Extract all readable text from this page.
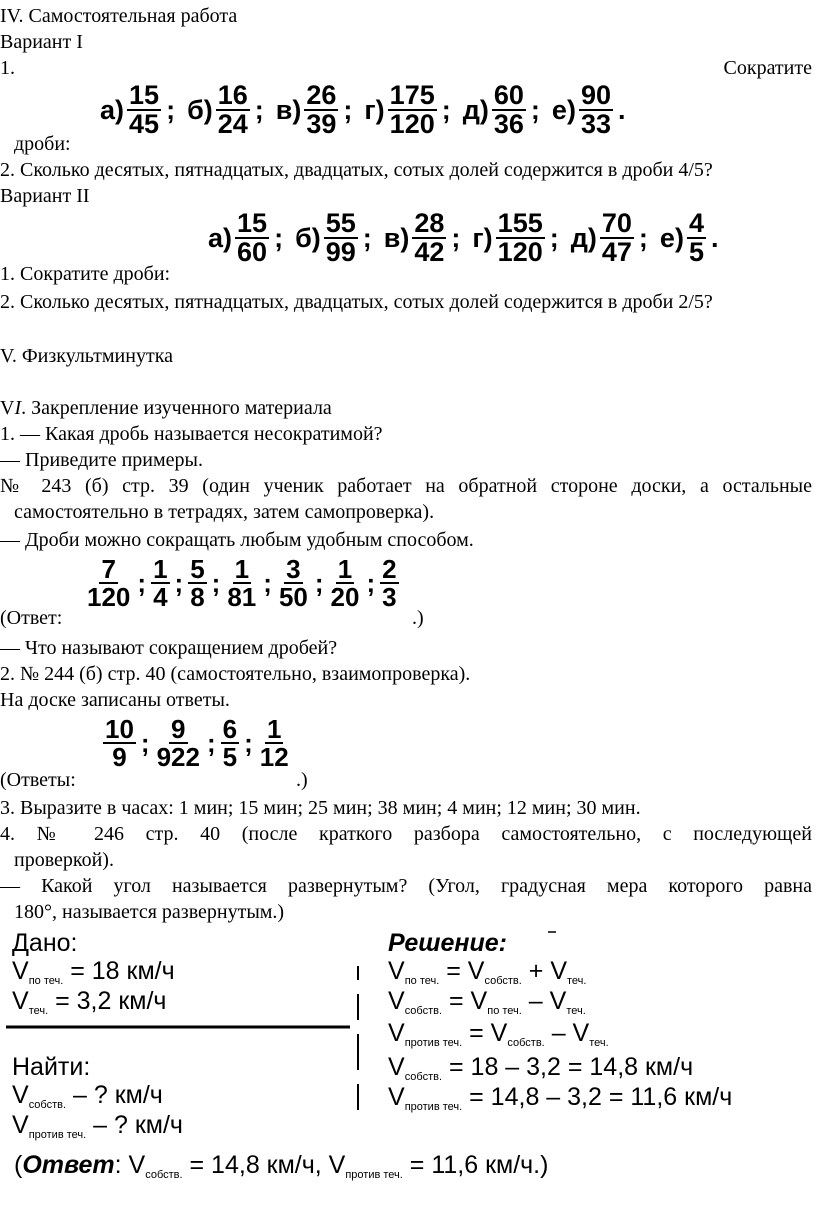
IV. Самостоятельная работа
Вариант I
1.	Сократите
$а) \frac{15}{45}$ ; $б) \frac{16}{24}$ ; $в) \frac{26}{39}$ ; $г) \frac{175}{120}$ ; $д) \frac{60}{36}$ ; $е) \frac{90}{33}$ .
дроби:
2. Сколько десятых, пятнадцатых, двадцатых, сотых долей содержится в дроби 4/5?
Вариант II
$а) \frac{15}{60}$ ; $б) \frac{55}{99}$ ; $в) \frac{28}{42}$ ; $г) \frac{155}{120}$ ; $д) \frac{70}{47}$ ; $е) \frac{4}{5}$ .
1. Сократите дроби:
2. Сколько десятых, пятнадцатых, двадцатых, сотых долей содержится в дроби 2/5?
V. Физкультминутка
VI. Закрепление изученного материала
1. — Какая дробь называется несократимой?
— Приведите примеры.
№ 243 (б) стр. 39 (один ученик работает на обратной стороне доски, а остальные
самостоятельно в тетрадях, затем самопроверка).
— Дроби можно сокращать любым удобным способом.
(Ответ:
$\frac{7}{120}$ ; $\frac{1}{4}$ ; $\frac{5}{8}$ ; $\frac{1}{81}$ ; $\frac{3}{50}$ ; $\frac{1}{20}$ ; $\frac{2}{3}$
.)
— Что называют сокращением дробей?
2. № 244 (б) стр. 40 (самостоятельно, взаимопроверка).
На доске записаны ответы.
(Ответы:
$\frac{10}{9}$ ; $\frac{9}{922}$ ; $\frac{6}{5}$ ; $\frac{1}{12}$
.)
3. Выразите в часах: 1 мин; 15 мин; 25 мин; 38 мин; 4 мин; 12 мин; 30 мин.
4. № 246 стр. 40 (после краткого разбора самостоятельно, с последующей
проверкой).
— Какой угол называется развернутым? (Угол, градусная мера которого равна
180°, называется развернутым.)
Дано:
$V_{по теч.} = 18$ км/ч
$V_{теч.} = 3,2$ км/ч
Найти:
$V_{собств.}$ – ? км/ч
$V_{против теч.}$ – ? км/ч
Решение:
$V_{по теч.} = V_{собств.} + V_{теч.}$
$V_{собств.} = V_{по теч.} - V_{теч.}$
$V_{против теч.} = V_{собств.} - V_{теч.}$
$V_{собств.} = 18 - 3,2 = 14,8$ км/ч
$V_{против теч.} = 14,8 - 3,2 = 11,6$ км/ч
(Ответ: $V_{собств.} = 14,8$ км/ч, $V_{против теч.} = 11,6$ км/ч.)
